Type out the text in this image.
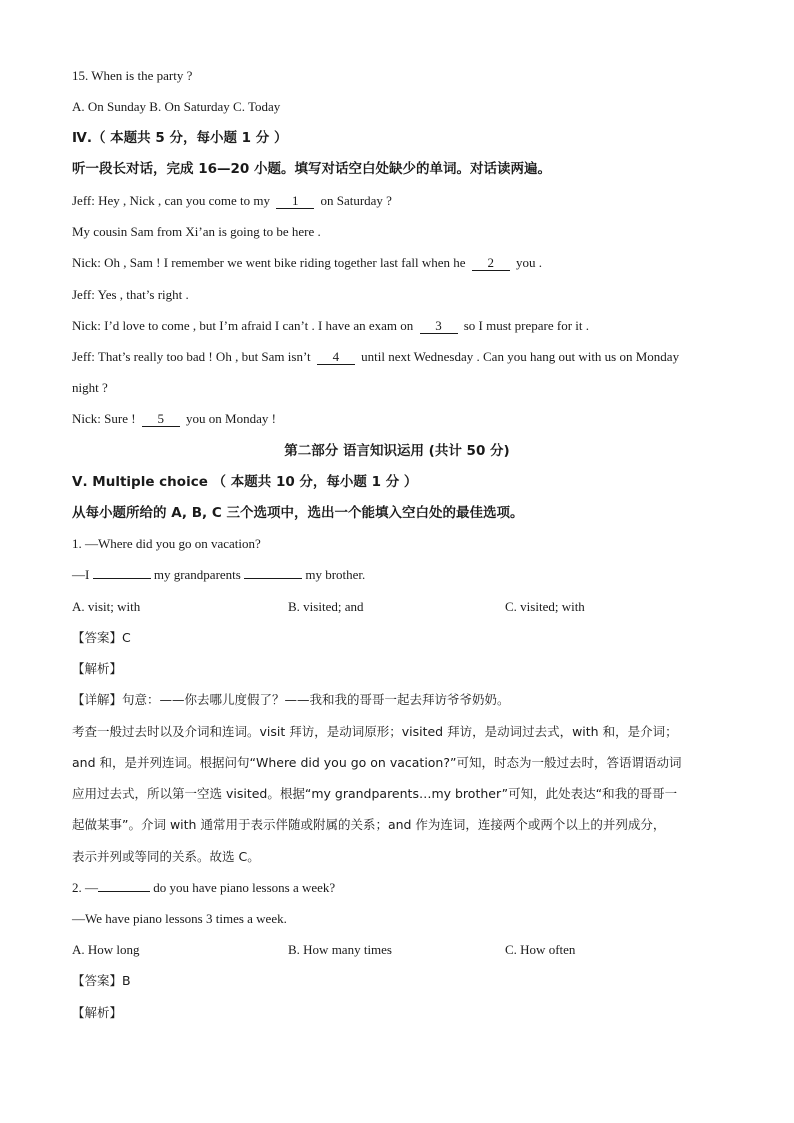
15. When is the party ?
A. On Sunday B. On Saturday C. Today
Ⅳ.（ 本题共 5 分，每小题 1 分 ）
听一段长对话，完成 16—20 小题。填写对话空白处缺少的单词。对话读两遍。
Jeff: Hey , Nick , can you come to my 1 on Saturday ?
My cousin Sam from Xi’an is going to be here .
Nick: Oh , Sam ! I remember we went bike riding together last fall when he 2 you .
Jeff: Yes , that’s right .
Nick: I’d love to come , but I’m afraid I can’t . I have an exam on 3 so I must prepare for it .
Jeff: That’s really too bad ! Oh , but Sam isn’t 4 until next Wednesday . Can you hang out with us on Monday
night ?
Nick: Sure ! 5 you on Monday !
第二部分 语言知识运用 (共计 50 分)
Ⅴ. Multiple choice （ 本题共 10 分，每小题 1 分 ）
从每小题所给的 A, B, C 三个选项中，选出一个能填入空白处的最佳选项。
1. —Where did you go on vacation?
—I	my grandparents	my brother.
A. visit; with	B. visited; and	C. visited; with
【答案】C
【解析】
【详解】句意：——你去哪儿度假了？——我和我的哥哥一起去拜访爷爷奶奶。
考查一般过去时以及介词和连词。visit 拜访，是动词原形；visited 拜访，是动词过去式，with 和，是介词；
and 和，是并列连词。根据问句“Where did you go on vacation?”可知，时态为一般过去时，答语谓语动词
应用过去式，所以第一空选 visited。根据“my grandparents…my brother”可知，此处表达“和我的哥哥一
起做某事”。介词 with 通常用于表示伴随或附属的关系；and 作为连词，连接两个或两个以上的并列成分，
表示并列或等同的关系。故选 C。
2. —	do you have piano lessons a week?
—We have piano lessons 3 times a week.
A. How long	B. How many times	C. How often
【答案】B
【解析】
